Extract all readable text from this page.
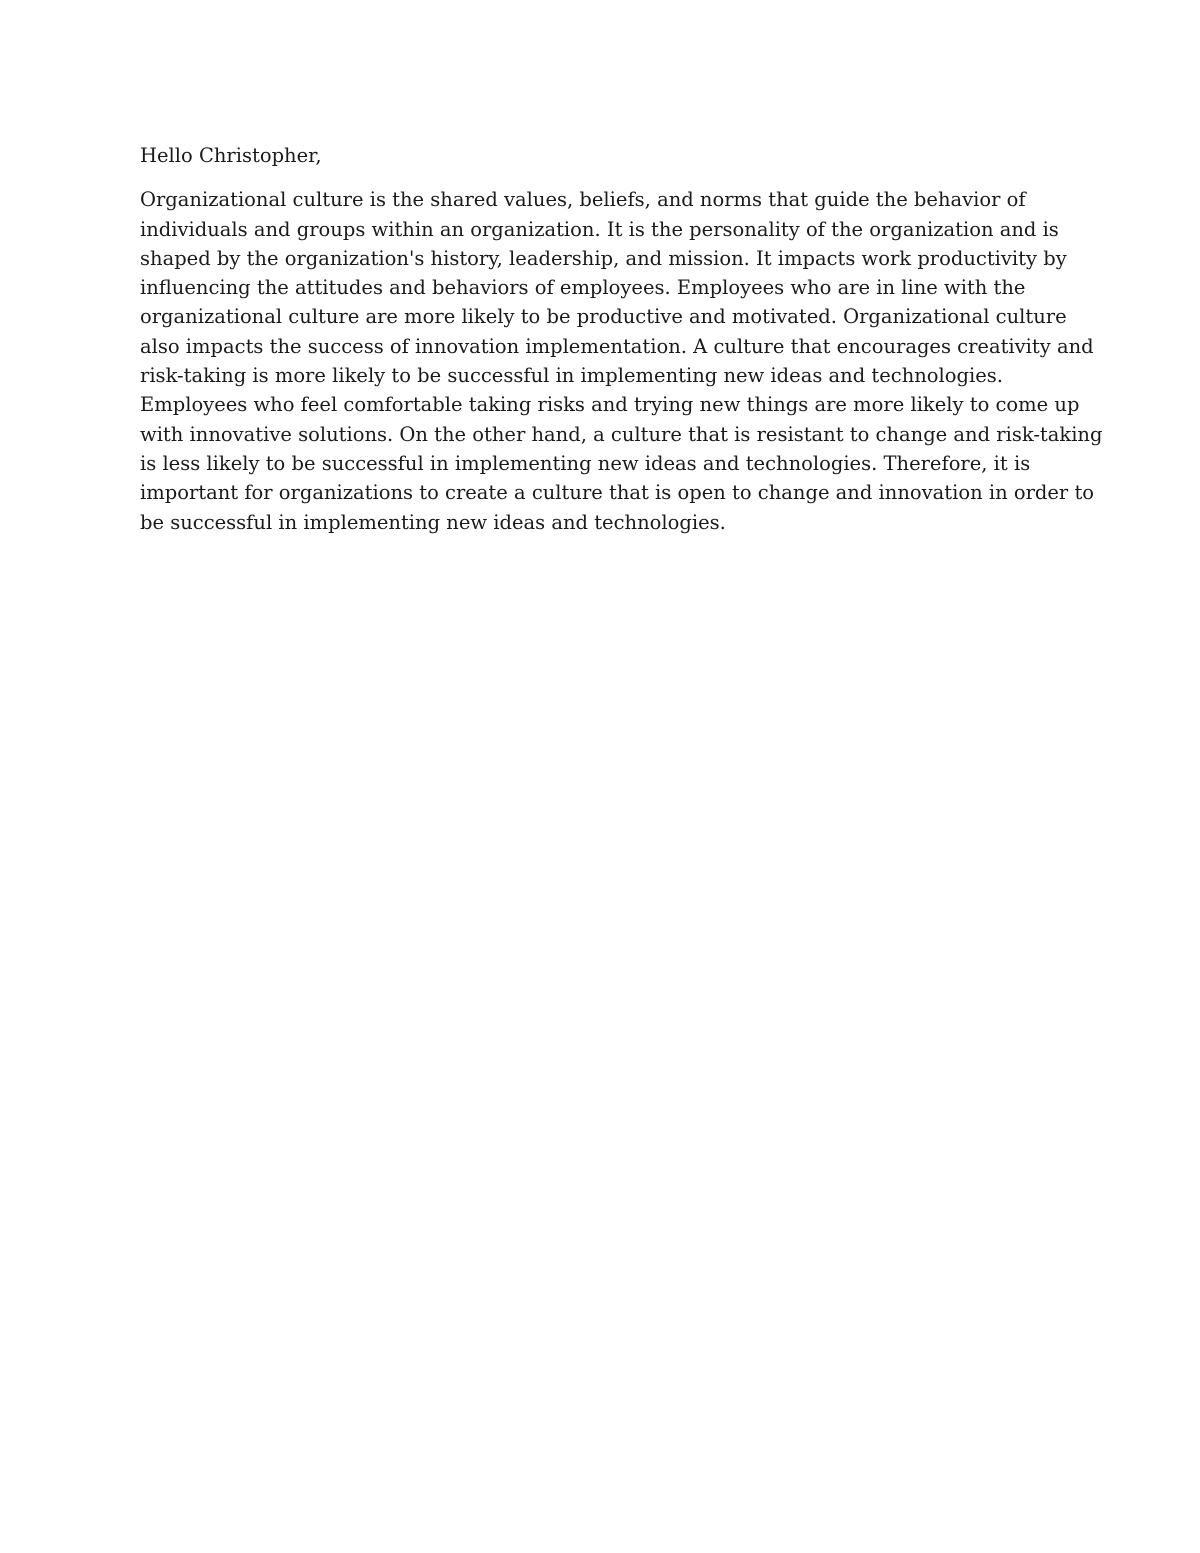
Hello Christopher,

Organizational culture is the shared values, beliefs, and norms that guide the behavior of
individuals and groups within an organization. It is the personality of the organization and is
shaped by the organization's history, leadership, and mission. It impacts work productivity by
influencing the attitudes and behaviors of employees. Employees who are in line with the
organizational culture are more likely to be productive and motivated. Organizational culture
also impacts the success of innovation implementation. A culture that encourages creativity and
risk-taking is more likely to be successful in implementing new ideas and technologies.
Employees who feel comfortable taking risks and trying new things are more likely to come up
with innovative solutions. On the other hand, a culture that is resistant to change and risk-taking
is less likely to be successful in implementing new ideas and technologies. Therefore, it is
important for organizations to create a culture that is open to change and innovation in order to
be successful in implementing new ideas and technologies.
